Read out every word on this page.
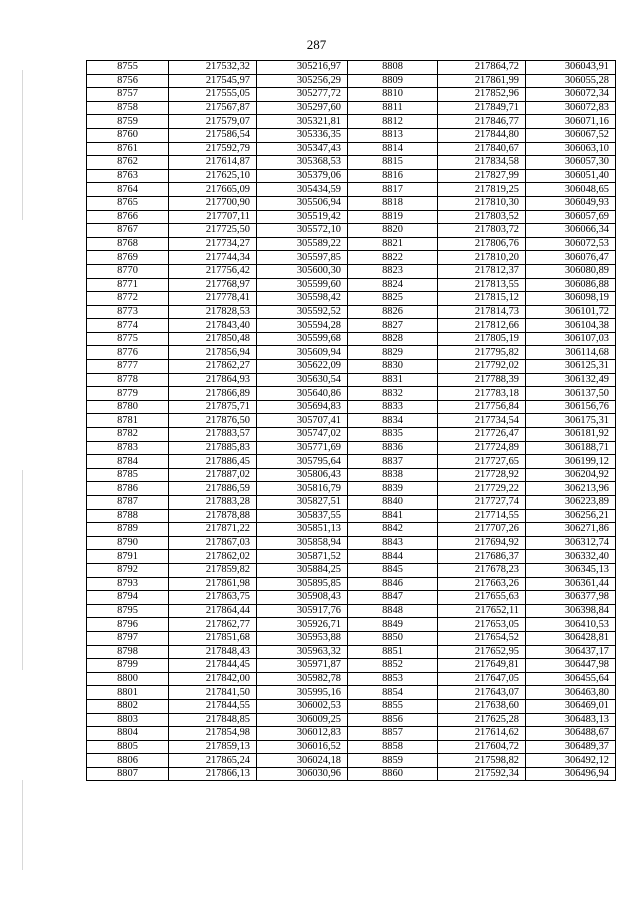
287
8755	217532,32	305216,97	8808	217864,72	306043,91
8756	217545,97	305256,29	8809	217861,99	306055,28
8757	217555,05	305277,72	8810	217852,96	306072,34
8758	217567,87	305297,60	8811	217849,71	306072,83
8759	217579,07	305321,81	8812	217846,77	306071,16
8760	217586,54	305336,35	8813	217844,80	306067,52
8761	217592,79	305347,43	8814	217840,67	306063,10
8762	217614,87	305368,53	8815	217834,58	306057,30
8763	217625,10	305379,06	8816	217827,99	306051,40
8764	217665,09	305434,59	8817	217819,25	306048,65
8765	217700,90	305506,94	8818	217810,30	306049,93
8766	217707,11	305519,42	8819	217803,52	306057,69
8767	217725,50	305572,10	8820	217803,72	306066,34
8768	217734,27	305589,22	8821	217806,76	306072,53
8769	217744,34	305597,85	8822	217810,20	306076,47
8770	217756,42	305600,30	8823	217812,37	306080,89
8771	217768,97	305599,60	8824	217813,55	306086,88
8772	217778,41	305598,42	8825	217815,12	306098,19
8773	217828,53	305592,52	8826	217814,73	306101,72
8774	217843,40	305594,28	8827	217812,66	306104,38
8775	217850,48	305599,68	8828	217805,19	306107,03
8776	217856,94	305609,94	8829	217795,82	306114,68
8777	217862,27	305622,09	8830	217792,02	306125,31
8778	217864,93	305630,54	8831	217788,39	306132,49
8779	217866,89	305640,86	8832	217783,18	306137,50
8780	217875,71	305694,83	8833	217756,84	306156,76
8781	217876,50	305707,41	8834	217734,54	306175,31
8782	217883,57	305747,02	8835	217726,47	306181,92
8783	217885,83	305771,69	8836	217724,89	306188,71
8784	217886,45	305795,64	8837	217727,65	306199,12
8785	217887,02	305806,43	8838	217728,92	306204,92
8786	217886,59	305816,79	8839	217729,22	306213,96
8787	217883,28	305827,51	8840	217727,74	306223,89
8788	217878,88	305837,55	8841	217714,55	306256,21
8789	217871,22	305851,13	8842	217707,26	306271,86
8790	217867,03	305858,94	8843	217694,92	306312,74
8791	217862,02	305871,52	8844	217686,37	306332,40
8792	217859,82	305884,25	8845	217678,23	306345,13
8793	217861,98	305895,85	8846	217663,26	306361,44
8794	217863,75	305908,43	8847	217655,63	306377,98
8795	217864,44	305917,76	8848	217652,11	306398,84
8796	217862,77	305926,71	8849	217653,05	306410,53
8797	217851,68	305953,88	8850	217654,52	306428,81
8798	217848,43	305963,32	8851	217652,95	306437,17
8799	217844,45	305971,87	8852	217649,81	306447,98
8800	217842,00	305982,78	8853	217647,05	306455,64
8801	217841,50	305995,16	8854	217643,07	306463,80
8802	217844,55	306002,53	8855	217638,60	306469,01
8803	217848,85	306009,25	8856	217625,28	306483,13
8804	217854,98	306012,83	8857	217614,62	306488,67
8805	217859,13	306016,52	8858	217604,72	306489,37
8806	217865,24	306024,18	8859	217598,82	306492,12
8807	217866,13	306030,96	8860	217592,34	306496,94
